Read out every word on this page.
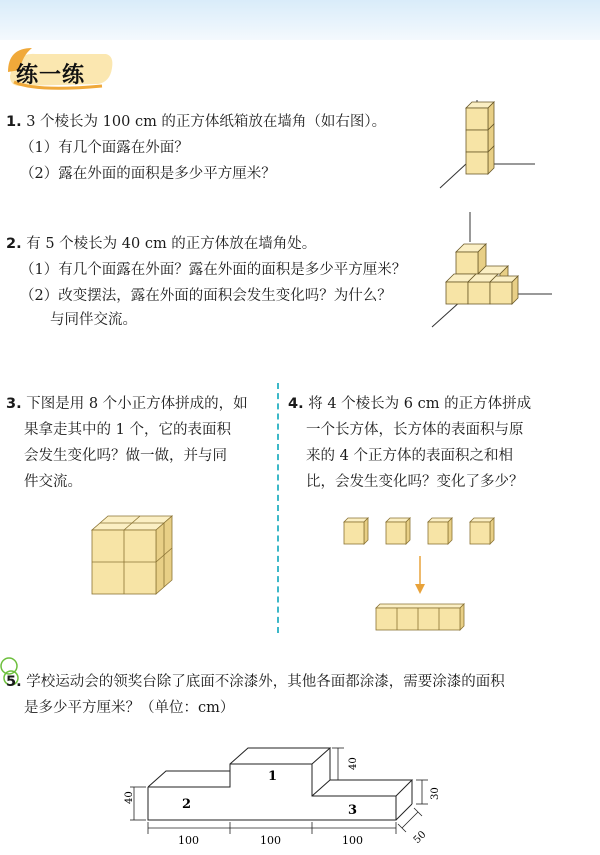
练一练
1. 3 个棱长为 100 cm 的正方体纸箱放在墙角（如右图）。
（1）有几个面露在外面？
（2）露在外面的面积是多少平方厘米？
2. 有 5 个棱长为 40 cm 的正方体放在墙角处。
（1）有几个面露在外面？露在外面的面积是多少平方厘米？
（2）改变摆法，露在外面的面积会发生变化吗？为什么？
与同伴交流。
3. 下图是用 8 个小正方体拼成的，如
果拿走其中的 1 个，它的表面积
会发生变化吗？做一做，并与同
件交流。
4. 将 4 个棱长为 6 cm 的正方体拼成
一个长方体，长方体的表面积与原
来的 4 个正方体的表面积之和相
比，会发生变化吗？变化了多少？
5. 学校运动会的领奖台除了底面不涂漆外，其他各面都涂漆，需要涂漆的面积
是多少平方厘米？（单位：cm）
1
2	3
40
40
30
50
100	100	100
